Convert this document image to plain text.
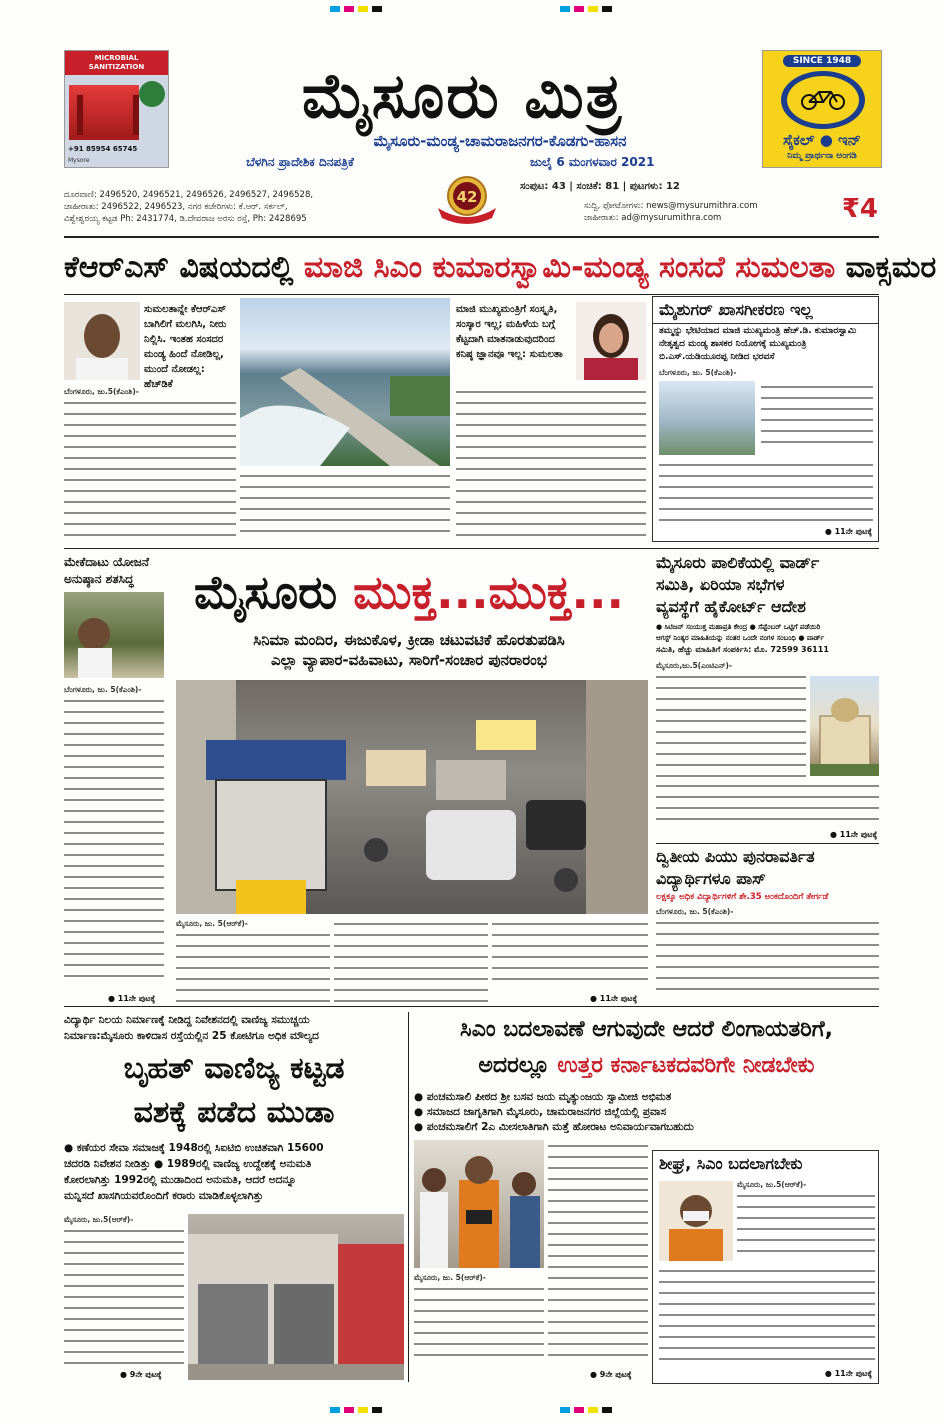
MICROBIAL SANITIZATION
+91 85954 65745
Mysore
ಮೈಸೂರು ಮಿತ್ರ
ಮೈಸೂರು-ಮಂಡ್ಯ-ಚಾಮರಾಜನಗರ-ಕೊಡಗು-ಹಾಸನ
ಬೆಳಗಿನ ಪ್ರಾದೇಶಿಕ ದಿನಪತ್ರಿಕೆ	ಜುಲೈ 6 ಮಂಗಳವಾರ 2021
SINCE 1948
ಸೈಕಲ್ ● ಇನ್
ನಿಮ್ಮ ಪ್ರಾರ್ಥನಾ ಅಂಗಡಿ
ದೂರವಾಣಿ: 2496520, 2496521, 2496526, 2496527, 2496528,
ಜಾಹೀರಾತು: 2496522, 2496523, ನಗರ ಕಚೇರಿಗಳು: ಕೆ.ಆರ್. ಸರ್ಕಲ್,
ವಿಶ್ವೇಶ್ವರಯ್ಯ ಕಟ್ಟಡ Ph: 2431774, ಡಿ.ದೇವರಾಜ ಅರಸು ರಸ್ತೆ, Ph: 2428695
42
ಸಂಪುಟ: 43 | ಸಂಚಿಕೆ: 81 | ಪುಟಗಳು: 12
ಸುದ್ದಿ, ಫೋಟೋಗಳು: news@mysurumithra.com
ಜಾಹೀರಾತು: ad@mysurumithra.com	₹4
ಕೆಆರ್‌ಎಸ್ ವಿಷಯದಲ್ಲಿ ಮಾಜಿ ಸಿಎಂ ಕುಮಾರಸ್ವಾಮಿ-ಮಂಡ್ಯ ಸಂಸದೆ ಸುಮಲತಾ ವಾಕ್ಸಮರ
ಸುಮಲತಾನ್ನೇ ಕೆಆರ್‌ಎಸ್ ಬಾಗಿಲಿಗೆ ಮಲಗಿಸಿ, ನೀರು ನಿಲ್ಲಿಸಿ. ಇಂತಹ ಸಂಸದರ ಮಂಡ್ಯ ಹಿಂದೆ ನೋಡಿಲ್ಲ, ಮುಂದೆ ನೋಡಲ್ಲ: ಹೆಚ್‌ಡಿಕೆ
ಮಾಜಿ ಮುಖ್ಯಮಂತ್ರಿಗೆ ಸಂಸ್ಕೃತಿ, ಸಂಸ್ಕಾರ ಇಲ್ಲ; ಮಹಿಳೆಯ ಬಗ್ಗೆ ಕೆಟ್ಟದಾಗಿ ಮಾತನಾಡುವುದರಿಂದ ಕನಿಷ್ಠ ಜ್ಞಾನವೂ ಇಲ್ಲ: ಸುಮಲತಾ
ಬೆಂಗಳೂರು, ಜು.5(ಕೆಎಂಶಿ)-
ಮೈಶುಗರ್ ಖಾಸಗೀಕರಣ ಇಲ್ಲ
ತಮ್ಮನ್ನು ಭೇಟಿಯಾದ ಮಾಜಿ ಮುಖ್ಯಮಂತ್ರಿ ಹೆಚ್.ಡಿ. ಕುಮಾರಸ್ವಾಮಿ ನೇತೃತ್ವದ ಮಂಡ್ಯ ಶಾಸಕರ ನಿಯೋಗಕ್ಕೆ ಮುಖ್ಯಮಂತ್ರಿ ಬಿ.ಎಸ್.ಯಡಿಯೂರಪ್ಪ ನೀಡಿದ ಭರವಸೆ
ಬೆಂಗಳೂರು, ಜು. 5(ಕೆಎಂಶಿ)-
● 11ನೇ ಪುಟಕ್ಕೆ
ಮೇಕೆದಾಟು ಯೋಜನೆ ಅನುಷ್ಠಾನ ಶತಸಿದ್ಧ
ಬೆಂಗಳೂರು, ಜು. 5(ಕೆಎಂಶಿ)-
● 11ನೇ ಪುಟಕ್ಕೆ
ಮೈಸೂರು ಮುಕ್ತ...ಮುಕ್ತ...
ಸಿನಿಮಾ ಮಂದಿರ, ಈಜುಕೊಳ, ಕ್ರೀಡಾ ಚಟುವಟಿಕೆ ಹೊರತುಪಡಿಸಿ
ಎಲ್ಲಾ ವ್ಯಾಪಾರ-ವಹಿವಾಟು, ಸಾರಿಗೆ-ಸಂಚಾರ ಪುನರಾರಂಭ
ಮೈಸೂರು, ಜು. 5(ಆರ್‌ಕೆ)-
● 11ನೇ ಪುಟಕ್ಕೆ
ಮೈಸೂರು ಪಾಲಿಕೆಯಲ್ಲಿ ವಾರ್ಡ್
ಸಮಿತಿ, ಏರಿಯಾ ಸಭೆಗಳ
ವ್ಯವಸ್ಥೆಗೆ ಹೈಕೋರ್ಟ್ ಆದೇಶ
● ಸಿಟಿಜನ್ ಸಂಯುಕ್ತ ಮಹಾಪ್ರತಿ ಕೇಂದ್ರ ● ಸೆಪ್ಟೆಂಬರ್ ಒಟ್ಟಿಗೆ ಪಡೆಯಿರಿ
ಆಗಸ್ಟ್ ನಿಂತ್ಯರ ಮಾಹಿತಿಯನ್ನು ನಂತರ ಒಂದೇ ನಂಗಳ ಸಂಬಂಧಿ ● ವಾರ್ಡ್
ಸಮಿತಿ, ಹೆಚ್ಚು ಮಾಹಿತಿಗೆ ಸಂಪರ್ಕಿಸಿ: ಮೊ. 72599 36111
ಮೈಸೂರು,ಜು.5(ಎಂಟಿಎನ್)-
● 11ನೇ ಪುಟಕ್ಕೆ
ದ್ವಿತೀಯ ಪಿಯು ಪುನರಾವರ್ತಿತ
ವಿದ್ಯಾರ್ಥಿಗಳೂ ಪಾಸ್
ಲಕ್ಷಕ್ಕೂ ಅಧಿಕ ವಿದ್ಯಾರ್ಥಿಗಳಿಗೆ ಶೇ.35 ಅಂಕದೊಂದಿಗೆ ತೇರ್ಗಡೆ
ಬೆಂಗಳೂರು, ಜು. 5(ಕೆಎಂಶಿ)-
ವಿದ್ಯಾರ್ಥಿ ನಿಲಯ ನಿರ್ಮಾಣಕ್ಕೆ ನೀಡಿದ್ದ ನಿವೇಶನದಲ್ಲಿ ವಾಣಿಜ್ಯ ಸಮುಚ್ಚಯ
ನಿರ್ಮಾಣ:ಮೈಸೂರು ಕಾಳಿದಾಸ ರಸ್ತೆಯಲ್ಲಿನ 25 ಕೋಟಿಗೂ ಅಧಿಕ ಮೌಲ್ಯದ
ಬೃಹತ್ ವಾಣಿಜ್ಯ ಕಟ್ಟಡ
ವಶಕ್ಕೆ ಪಡೆದ ಮುಡಾ
● ಕಣೆಯರ ಸೇವಾ ಸಮಾಜಕ್ಕೆ 1948ರಲ್ಲಿ ಸಿಐಟಿಬಿ ಉಚಿತವಾಗಿ 15600
ಚದರಡಿ ನಿವೇಶನ ನೀಡಿತ್ತು ● 1989ರಲ್ಲಿ ವಾಣಿಜ್ಯ ಉದ್ದೇಶಕ್ಕೆ ಅನುಮತಿ
ಕೋರಲಾಗಿತ್ತು 1992ರಲ್ಲಿ ಮುಡಾದಿಂದ ಅನುಮತಿ, ಆದರೆ ಅದನ್ನೂ
ಮನ್ನಿಸದೆ ಖಾಸಗಿಯವರೊಂದಿಗೆ ಕರಾರು ಮಾಡಿಕೊಳ್ಳಲಾಗಿತ್ತು
ಮೈಸೂರು, ಜು.5(ಆರ್‌ಕೆ)-
● 9ನೇ ಪುಟಕ್ಕೆ
ಸಿಎಂ ಬದಲಾವಣೆ ಆಗುವುದೇ ಆದರೆ ಲಿಂಗಾಯತರಿಗೆ,
ಅದರಲ್ಲೂ ಉತ್ತರ ಕರ್ನಾಟಕದವರಿಗೇ ನೀಡಬೇಕು
● ಪಂಚಮಸಾಲಿ ಪೀಠದ ಶ್ರೀ ಬಸವ ಜಯ ಮೃತ್ಯುಂಜಯ ಸ್ವಾಮೀಜಿ ಅಭಿಮತ
● ಸಮಾಜದ ಜಾಗೃತಿಗಾಗಿ ಮೈಸೂರು, ಚಾಮರಾಜನಗರ ಜಿಲ್ಲೆಯಲ್ಲಿ ಪ್ರವಾಸ
● ಪಂಚಮಸಾಲಿಗೆ 2ಎ ಮೀಸಲಾತಿಗಾಗಿ ಮತ್ತೆ ಹೋರಾಟ ಅನಿವಾರ್ಯವಾಗಬಹುದು
ಮೈಸೂರು, ಜು. 5(ಆರ್‌ಕೆ)-
● 9ನೇ ಪುಟಕ್ಕೆ
ಶೀಘ್ರ, ಸಿಎಂ ಬದಲಾಗಬೇಕು
ಮೈಸೂರು, ಜು.5(ಆರ್‌ಕೆ)-
● 11ನೇ ಪುಟಕ್ಕೆ
